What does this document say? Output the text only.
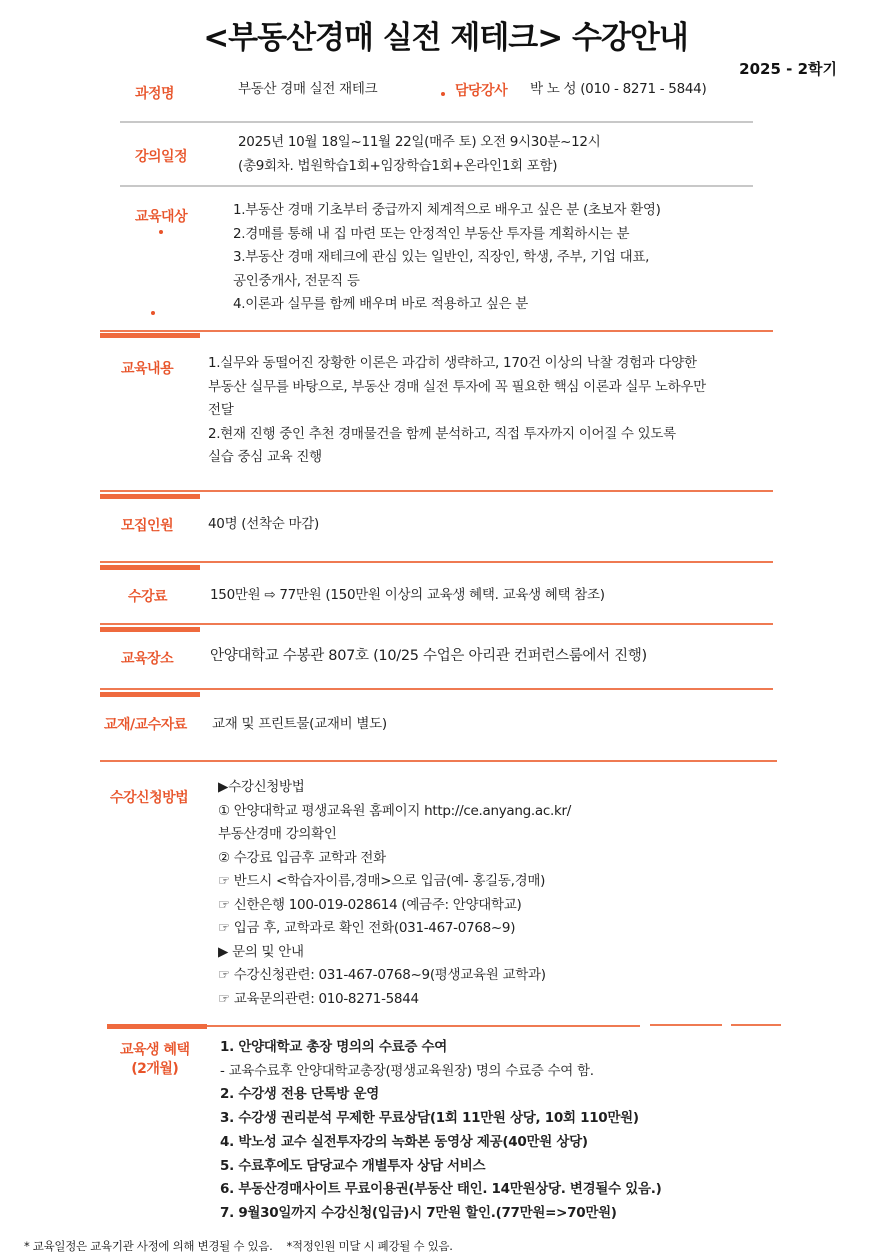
<부동산경매 실전 제테크> 수강안내
2025 - 2학기
과정명	부동산 경매 실전 재테크	담당강사 박 노 성 (010 - 8271 - 5844)
강의일정

2025년 10월 18일~11월 22일(매주 토) 오전 9시30분~12시

(총9회차. 법원학습1회+임장학습1회+온라인1회 포함)

교육대상	1.부동산 경매 기초부터 중급까지 체계적으로 배우고 싶은 분 (초보자 환영)

2.경매를 통해 내 집 마련 또는 안정적인 부동산 투자를 계획하시는 분

3.부동산 경매 재테크에 관심 있는 일반인, 직장인, 학생, 주부, 기업 대표,

공인중개사, 전문직 등

4.이론과 실무를 함께 배우며 바로 적용하고 싶은 분

교육내용	1.실무와 동떨어진 장황한 이론은 과감히 생략하고, 170건 이상의 낙찰 경험과 다양한

부동산 실무를 바탕으로, 부동산 경매 실전 투자에 꼭 필요한 핵심 이론과 실무 노하우만

전달

2.현재 진행 중인 추천 경매물건을 함께 분석하고, 직접 투자까지 이어질 수 있도록

실습 중심 교육 진행

모집인원	40명 (선착순 마감)
수강료	150만원 ⇨ 77만원 (150만원 이상의 교육생 혜택. 교육생 혜택 참조)
교육장소	안양대학교 수봉관 807호 (10/25 수업은 아리관 컨퍼런스룸에서 진행)
교재/교수자료 교재 및 프린트물(교재비 별도)
수강신청방법

▶수강신청방법

① 안양대학교 평생교육원 홈페이지 http://ce.anyang.ac.kr/

부동산경매 강의확인

② 수강료 입금후 교학과 전화

☞ 반드시 <학습자이름,경매>으로 입금(예- 홍길동,경매)

☞ 신한은행 100-019-028614 (예금주: 안양대학교)

☞ 입금 후, 교학과로 확인 전화(031-467-0768~9)

▶ 문의 및 안내

☞ 수강신청관련: 031-467-0768~9(평생교육원 교학과)

☞ 교육문의관련: 010-8271-5844

교육생 혜택
(2개월)

1. 안양대학교 총장 명의의 수료증 수여

- 교육수료후 안양대학교총장(평생교육원장) 명의 수료증 수여 함.

2. 수강생 전용 단톡방 운영

3. 수강생 권리분석 무제한 무료상담(1회 11만원 상당, 10회 110만원)

4. 박노성 교수 실전투자강의 녹화본 동영상 제공(40만원 상당)

5. 수료후에도 담당교수 개별투자 상담 서비스

6. 부동산경매사이트 무료이용권(부동산 태인. 14만원상당. 변경될수 있음.)

7. 9월30일까지 수강신청(입금)시 7만원 할인.(77만원=>70만원)

* 교육일정은 교육기관 사정에 의해 변경될 수 있음. *적정인원 미달 시 폐강될 수 있음.
